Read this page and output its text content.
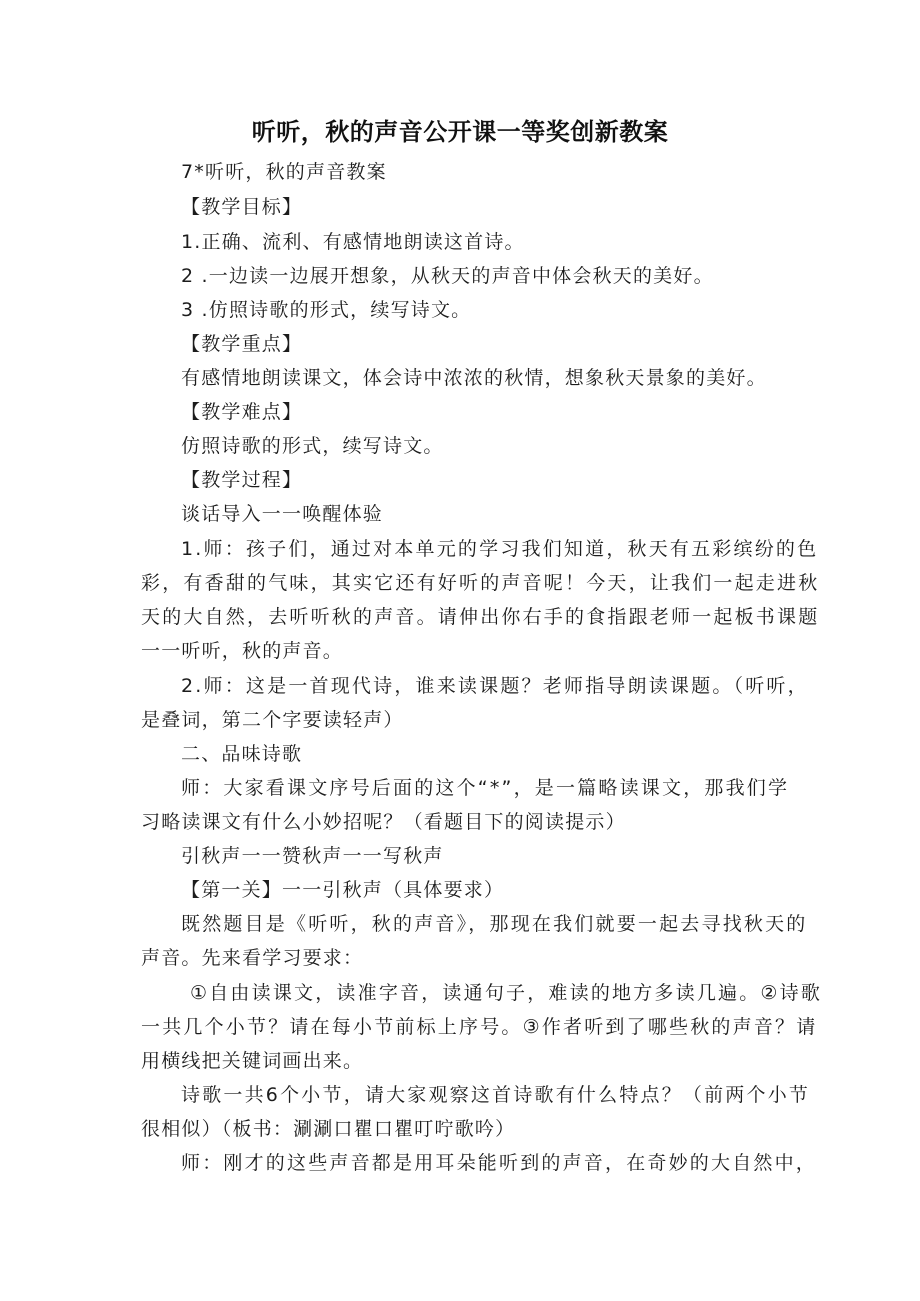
听听，秋的声音公开课一等奖创新教案
7*听听，秋的声音教案
【教学目标】
1.正确、流利、有感情地朗读这首诗。
2 .一边读一边展开想象，从秋天的声音中体会秋天的美好。
3 .仿照诗歌的形式，续写诗文。
【教学重点】
有感情地朗读课文，体会诗中浓浓的秋情，想象秋天景象的美好。
【教学难点】
仿照诗歌的形式，续写诗文。
【教学过程】
谈话导入一一唤醒体验
1.师：孩子们，通过对本单元的学习我们知道，秋天有五彩缤纷的色
彩，有香甜的气味，其实它还有好听的声音呢！今天，让我们一起走进秋
天的大自然，去听听秋的声音。请伸出你右手的食指跟老师一起板书课题
一一听听，秋的声音。
2.师：这是一首现代诗，谁来读课题？老师指导朗读课题。（听听，
是叠词，第二个字要读轻声）
二、品味诗歌
师：大家看课文序号后面的这个“*”，是一篇略读课文，那我们学
习略读课文有什么小妙招呢？（看题目下的阅读提示）
引秋声一一赞秋声一一写秋声
【第一关】一一引秋声（具体要求）
既然题目是《听听，秋的声音》，那现在我们就要一起去寻找秋天的
声音。先来看学习要求：
①自由读课文，读准字音，读通句子，难读的地方多读几遍。②诗歌
一共几个小节？请在每小节前标上序号。③作者听到了哪些秋的声音？请
用横线把关键词画出来。
诗歌一共6个小节，请大家观察这首诗歌有什么特点？（前两个小节
很相似）（板书：涮涮口瞿口瞿叮咛歌吟）
师：刚才的这些声音都是用耳朵能听到的声音，在奇妙的大自然中，
